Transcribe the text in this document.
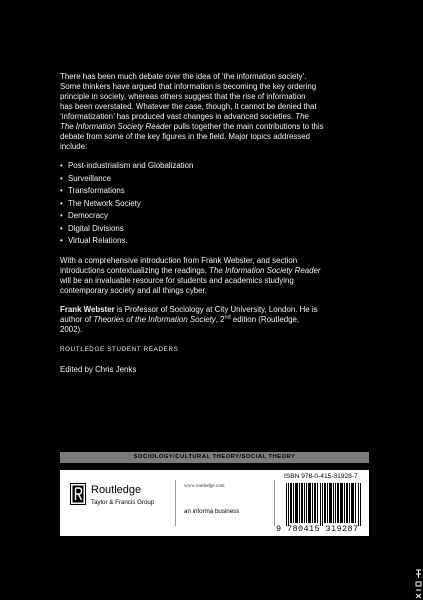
There has been much debate over the idea of ‘the information society’.
Some thinkers have argued that information is becoming the key ordering
principle in society, whereas others suggest that the rise of information
has been overstated. Whatever the case, though, it cannot be denied that
‘informatization’ has produced vast changes in advanced societies. The
The Information Society Reader pulls together the main contributions to this
debate from some of the key figures in the field. Major topics addressed
include:

• Post-industrialism and Globalization
• Surveillance
• Transformations
• The Network Society
• Democracy
• Digital Divisions
• Virtual Relations.

With a comprehensive introduction from Frank Webster, and section
introductions contextualizing the readings, The Information Society Reader
will be an invaluable resource for students and academics studying
contemporary society and all things cyber.

Frank Webster is Professor of Sociology at City University, London. He is
author of Theories of the Information Society, 2nd edition (Routledge,
2002).

ROUTLEDGE STUDENT READERS

Edited by Chris Jenks

SOCIOLOGY/CULTURAL THEORY/SOCIAL THEORY
Routledge
Taylor & Francis Group
www.routledge.com
an informa business
ISBN 978-0-415-31928-7
9 780415 319287
